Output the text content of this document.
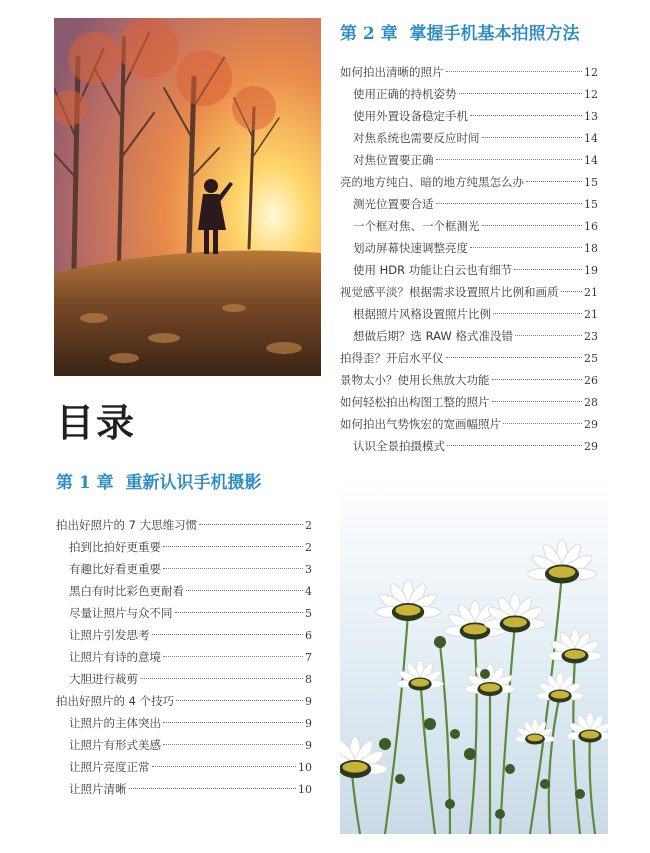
目录
第 1 章 重新认识手机摄影
拍出好照片的 7 大思维习惯	2
拍到比拍好更重要	2
有趣比好看更重要	3
黑白有时比彩色更耐看	4
尽量让照片与众不同	5
让照片引发思考	6
让照片有诗的意境	7
大胆进行裁剪	8
拍出好照片的 4 个技巧	9
让照片的主体突出	9
让照片有形式美感	9
让照片亮度正常	10
让照片清晰	10
第 2 章 掌握手机基本拍照方法
如何拍出清晰的照片	12
使用正确的持机姿势	12
使用外置设备稳定手机	13
对焦系统也需要反应时间	14
对焦位置要正确	14
亮的地方纯白、暗的地方纯黑怎么办	15
测光位置要合适	15
一个框对焦、一个框测光	16
划动屏幕快速调整亮度	18
使用 HDR 功能让白云也有细节	19
视觉感平淡？根据需求设置照片比例和画质 21
根据照片风格设置照片比例	21
想做后期？选 RAW 格式准没错	23
拍得歪？开启水平仪	25
景物太小？使用长焦放大功能	26
如何轻松拍出构图工整的照片	28
如何拍出气势恢宏的宽画幅照片	29
认识全景拍摄模式	29
